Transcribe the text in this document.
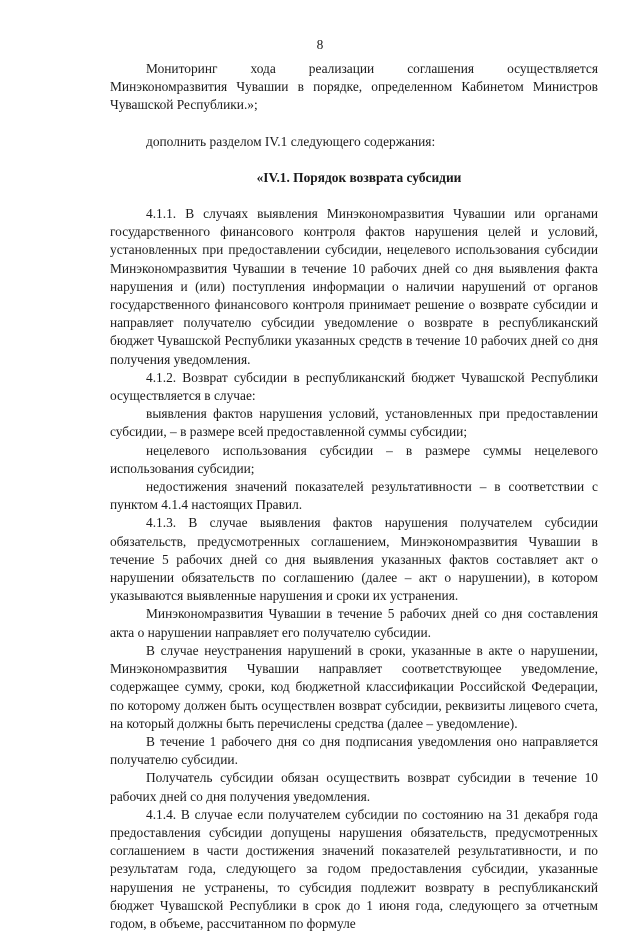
8

Мониторинг хода реализации соглашения осуществляется Минэкономразвития Чувашии в порядке, определенном Кабинетом Министров Чувашской Республики.»;

дополнить разделом IV.1 следующего содержания:

«IV.1. Порядок возврата субсидии

4.1.1. В случаях выявления Минэкономразвития Чувашии или органами государственного финансового контроля фактов нарушения целей и условий, установленных при предоставлении субсидии, нецелевого использования субсидии Минэкономразвития Чувашии в течение 10 рабочих дней со дня выявления факта нарушения и (или) поступления информации о наличии нарушений от органов государственного финансового контроля принимает решение о возврате субсидии и направляет получателю субсидии уведомление о возврате в республиканский бюджет Чувашской Республики указанных средств в течение 10 рабочих дней со дня получения уведомления.

4.1.2. Возврат субсидии в республиканский бюджет Чувашской Республики осуществляется в случае:

выявления фактов нарушения условий, установленных при предоставлении субсидии, – в размере всей предоставленной суммы субсидии;

нецелевого использования субсидии – в размере суммы нецелевого использования субсидии;

недостижения значений показателей результативности – в соответствии с пунктом 4.1.4 настоящих Правил.

4.1.3. В случае выявления фактов нарушения получателем субсидии обязательств, предусмотренных соглашением, Минэкономразвития Чувашии в течение 5 рабочих дней со дня выявления указанных фактов составляет акт о нарушении обязательств по соглашению (далее – акт о нарушении), в котором указываются выявленные нарушения и сроки их устранения.

Минэкономразвития Чувашии в течение 5 рабочих дней со дня составления акта о нарушении направляет его получателю субсидии.

В случае неустранения нарушений в сроки, указанные в акте о нарушении, Минэкономразвития Чувашии направляет соответствующее уведомление, содержащее сумму, сроки, код бюджетной классификации Российской Федерации, по которому должен быть осуществлен возврат субсидии, реквизиты лицевого счета, на который должны быть перечислены средства (далее – уведомление).

В течение 1 рабочего дня со дня подписания уведомления оно направляется получателю субсидии.

Получатель субсидии обязан осуществить возврат субсидии в течение 10 рабочих дней со дня получения уведомления.

4.1.4. В случае если получателем субсидии по состоянию на 31 декабря года предоставления субсидии допущены нарушения обязательств, предусмотренных соглашением в части достижения значений показателей результативности, и по результатам года, следующего за годом предоставления субсидии, указанные нарушения не устранены, то субсидия подлежит возврату в республиканский бюджет Чувашской Республики в срок до 1 июня года, следующего за отчетным годом, в объеме, рассчитанном по формуле
